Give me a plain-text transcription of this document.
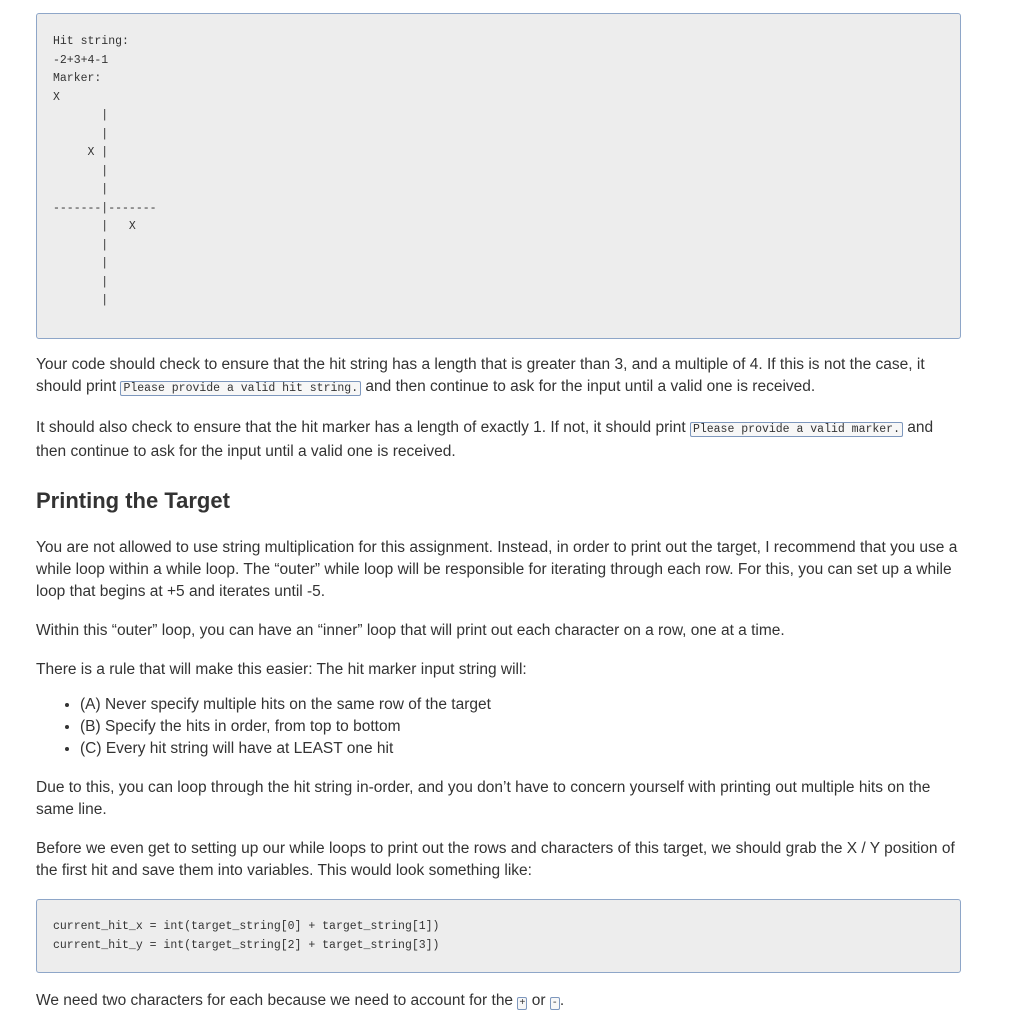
Hit string:
-2+3+4-1
Marker:
X
|
|
X |
|
|
-------|-------
|   X
|
|
|
|

Your code should check to ensure that the hit string has a length that is greater than 3, and a multiple of 4. If this is not the case, it should print Please provide a valid hit string. and then continue to ask for the input until a valid one is received.

It should also check to ensure that the hit marker has a length of exactly 1. If not, it should print Please provide a valid marker. and then continue to ask for the input until a valid one is received.

Printing the Target

You are not allowed to use string multiplication for this assignment. Instead, in order to print out the target, I recommend that you use a while loop within a while loop. The “outer” while loop will be responsible for iterating through each row. For this, you can set up a while loop that begins at +5 and iterates until -5.

Within this “outer” loop, you can have an “inner” loop that will print out each character on a row, one at a time.

There is a rule that will make this easier: The hit marker input string will:

• (A) Never specify multiple hits on the same row of the target
• (B) Specify the hits in order, from top to bottom
• (C) Every hit string will have at LEAST one hit

Due to this, you can loop through the hit string in-order, and you don’t have to concern yourself with printing out multiple hits on the same line.

Before we even get to setting up our while loops to print out the rows and characters of this target, we should grab the X / Y position of the first hit and save them into variables. This would look something like:

current_hit_x = int(target_string[0] + target_string[1])
current_hit_y = int(target_string[2] + target_string[3])

We need two characters for each because we need to account for the + or - .
